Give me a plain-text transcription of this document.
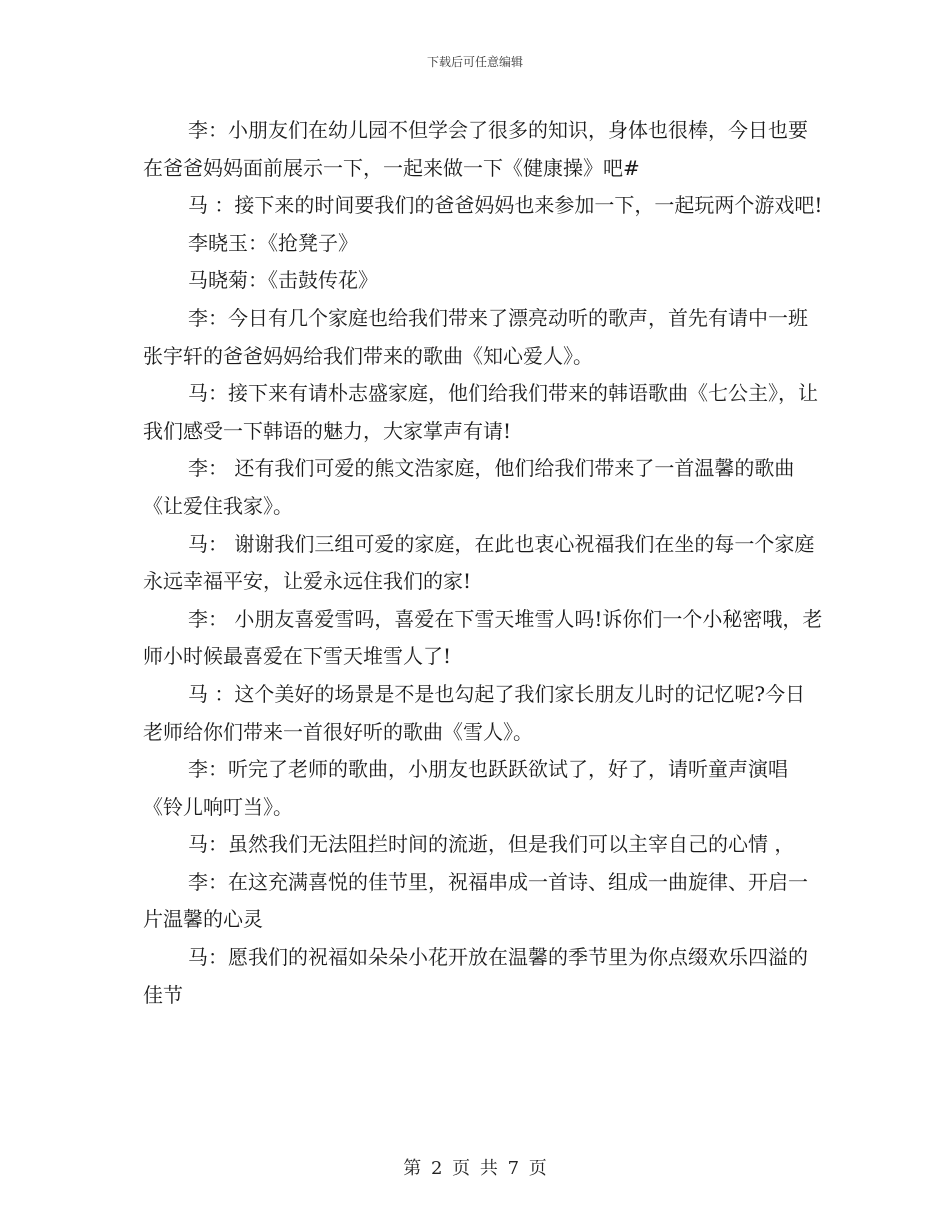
下载后可任意编辑

李：小朋友们在幼儿园不但学会了很多的知识，身体也很棒，今日也要在爸爸妈妈面前展示一下，一起来做一下《健康操》吧#

马 ：接下来的时间要我们的爸爸妈妈也来参加一下，一起玩两个游戏吧!

李晓玉：《抢凳子》

马晓菊：《击鼓传花》

李：今日有几个家庭也给我们带来了漂亮动听的歌声，首先有请中一班张宇轩的爸爸妈妈给我们带来的歌曲《知心爱人》。

马：接下来有请朴志盛家庭，他们给我们带来的韩语歌曲《七公主》，让我们感受一下韩语的魅力，大家掌声有请!

李： 还有我们可爱的熊文浩家庭，他们给我们带来了一首温馨的歌曲《让爱住我家》。

马： 谢谢我们三组可爱的家庭，在此也衷心祝福我们在坐的每一个家庭永远幸福平安，让爱永远住我们的家!

李： 小朋友喜爱雪吗，喜爱在下雪天堆雪人吗!诉你们一个小秘密哦，老师小时候最喜爱在下雪天堆雪人了!

马 ：这个美好的场景是不是也勾起了我们家长朋友儿时的记忆呢?今日老师给你们带来一首很好听的歌曲《雪人》。

李：听完了老师的歌曲，小朋友也跃跃欲试了，好了，请听童声演唱《铃儿响叮当》。

马：虽然我们无法阻拦时间的流逝，但是我们可以主宰自己的心情 ，

李：在这充满喜悦的佳节里，祝福串成一首诗、组成一曲旋律、开启一片温馨的心灵

马：愿我们的祝福如朵朵小花开放在温馨的季节里为你点缀欢乐四溢的佳节

第 2 页 共 7 页
